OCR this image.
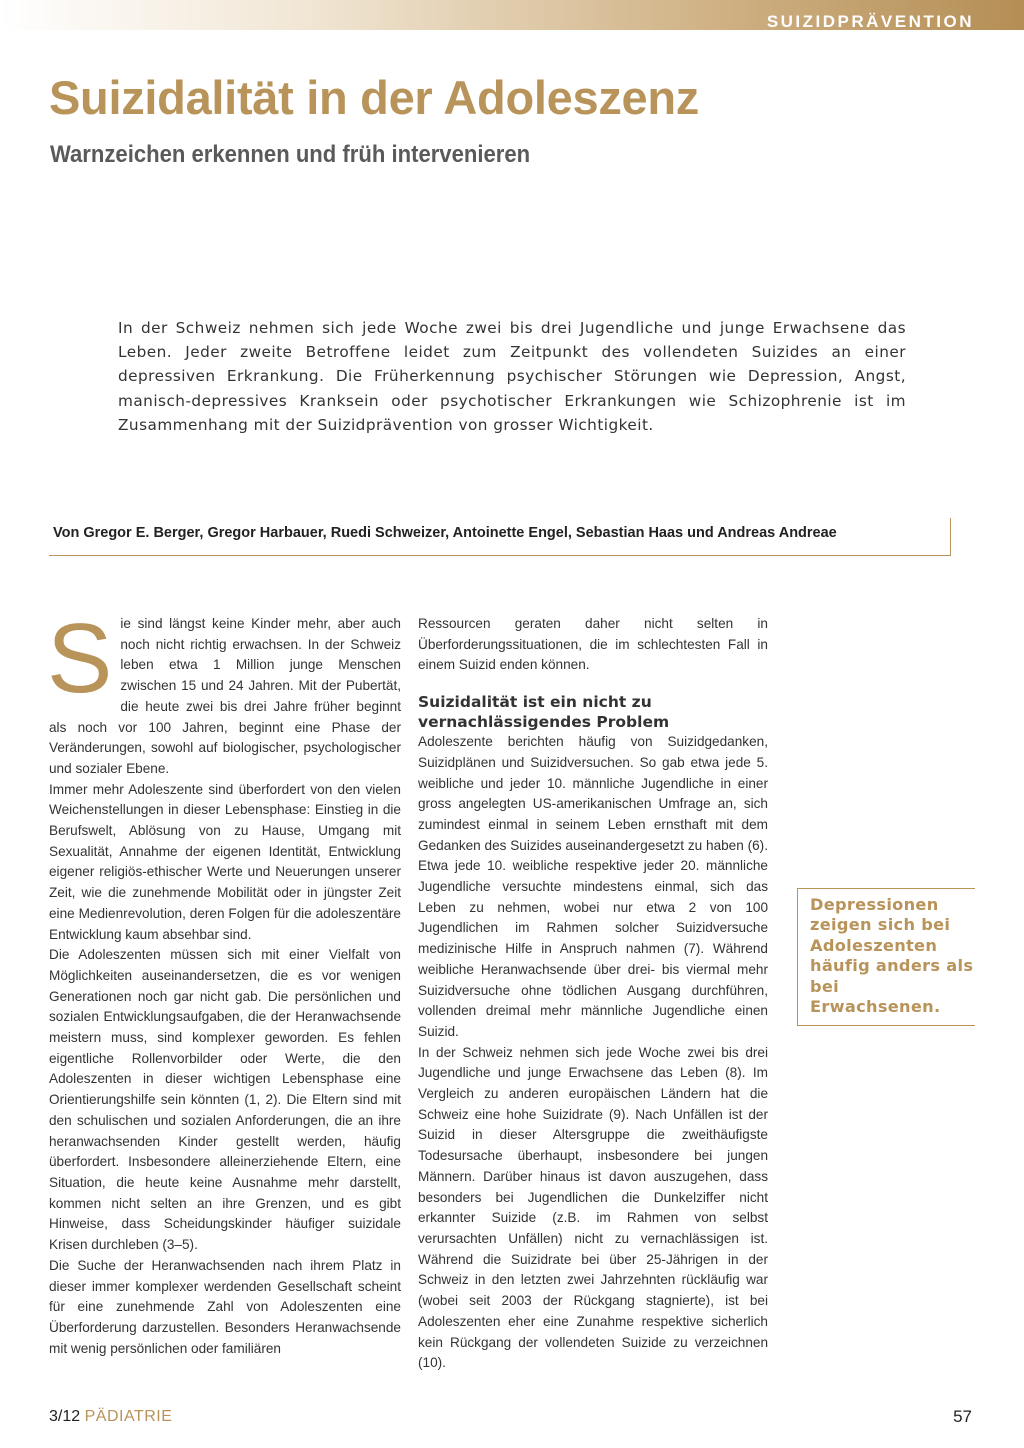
SUIZIDPRÄVENTION
Suizidalität in der Adoleszenz
Warnzeichen erkennen und früh intervenieren

In der Schweiz nehmen sich jede Woche zwei bis drei Jugendliche und junge Erwachsene das Leben. Jeder zweite Betroffene leidet zum Zeitpunkt des vollendeten Suizides an einer depressiven Erkrankung. Die Früherkennung psychischer Störungen wie Depression, Angst, manisch-depressives Kranksein oder psychotischer Erkrankungen wie Schizophrenie ist im Zusammenhang mit der Suizidprävention von grosser Wichtigkeit.

Von Gregor E. Berger, Gregor Harbauer, Ruedi Schweizer, Antoinette Engel, Sebastian Haas und Andreas Andreae
S ie sind längst keine Kinder mehr, aber auch noch nicht richtig erwachsen. In der Schweiz leben etwa 1 Million junge Menschen zwischen 15 und 24 Jahren. Mit der Pubertät, die heute zwei bis drei Jahre früher beginnt als noch vor 100 Jahren, beginnt eine Phase der Veränderungen, sowohl auf biologischer, psychologischer und sozialer Ebene.

Immer mehr Adoleszente sind überfordert von den vielen Weichenstellungen in dieser Lebensphase: Einstieg in die Berufswelt, Ablösung von zu Hause, Umgang mit Sexualität, Annahme der eigenen Identität, Entwicklung eigener religiös-ethischer Werte und Neuerungen unserer Zeit, wie die zunehmende Mobilität oder in jüngster Zeit eine Medienrevolution, deren Folgen für die adoleszentäre Entwicklung kaum absehbar sind.

Die Adoleszenten müssen sich mit einer Vielfalt von Möglichkeiten auseinandersetzen, die es vor wenigen Generationen noch gar nicht gab. Die persönlichen und sozialen Entwicklungsaufgaben, die der Heranwachsende meistern muss, sind komplexer geworden. Es fehlen eigentliche Rollenvorbilder oder Werte, die den Adoleszenten in dieser wichtigen Lebensphase eine Orientierungshilfe sein könnten (1, 2). Die Eltern sind mit den schulischen und sozialen Anforderungen, die an ihre heranwachsenden Kinder gestellt werden, häufig überfordert. Insbesondere alleinerziehende Eltern, eine Situation, die heute keine Ausnahme mehr darstellt, kommen nicht selten an ihre Grenzen, und es gibt Hinweise, dass Scheidungskinder häufiger suizidale Krisen durchleben (3–5).

Die Suche der Heranwachsenden nach ihrem Platz in dieser immer komplexer werdenden Gesellschaft scheint für eine zunehmende Zahl von Adoleszenten eine Überforderung darzustellen. Besonders Heranwachsende mit wenig persönlichen oder familiären

Ressourcen geraten daher nicht selten in Überforderungssituationen, die im schlechtesten Fall in einem Suizid enden können.

Suizidalität ist ein nicht zu vernachlässigendes Problem

Adoleszente berichten häufig von Suizidgedanken, Suizidplänen und Suizidversuchen. So gab etwa jede 5. weibliche und jeder 10. männliche Jugendliche in einer gross angelegten US-amerikanischen Umfrage an, sich zumindest einmal in seinem Leben ernsthaft mit dem Gedanken des Suizides auseinandergesetzt zu haben (6). Etwa jede 10. weibliche respektive jeder 20. männliche Jugendliche versuchte mindestens einmal, sich das Leben zu nehmen, wobei nur etwa 2 von 100 Jugendlichen im Rahmen solcher Suizidversuche medizinische Hilfe in Anspruch nahmen (7). Während weibliche Heranwachsende über drei- bis viermal mehr Suizidversuche ohne tödlichen Ausgang durchführen, vollenden dreimal mehr männliche Jugendliche einen Suizid.

In der Schweiz nehmen sich jede Woche zwei bis drei Jugendliche und junge Erwachsene das Leben (8). Im Vergleich zu anderen europäischen Ländern hat die Schweiz eine hohe Suizidrate (9). Nach Unfällen ist der Suizid in dieser Altersgruppe die zweithäufigste Todesursache überhaupt, insbesondere bei jungen Männern. Darüber hinaus ist davon auszugehen, dass besonders bei Jugendlichen die Dunkelziffer nicht erkannter Suizide (z.B. im Rahmen von selbst verursachten Unfällen) nicht zu vernachlässigen ist. Während die Suizidrate bei über 25-Jährigen in der Schweiz in den letzten zwei Jahrzehnten rückläufig war (wobei seit 2003 der Rückgang stagnierte), ist bei Adoleszenten eher eine Zunahme respektive sicherlich kein Rückgang der vollendeten Suizide zu verzeichnen (10).

Depressionen zeigen sich bei Adoleszenten häufig anders als bei Erwachsenen.
3/12 PÄDIATRIE	57
